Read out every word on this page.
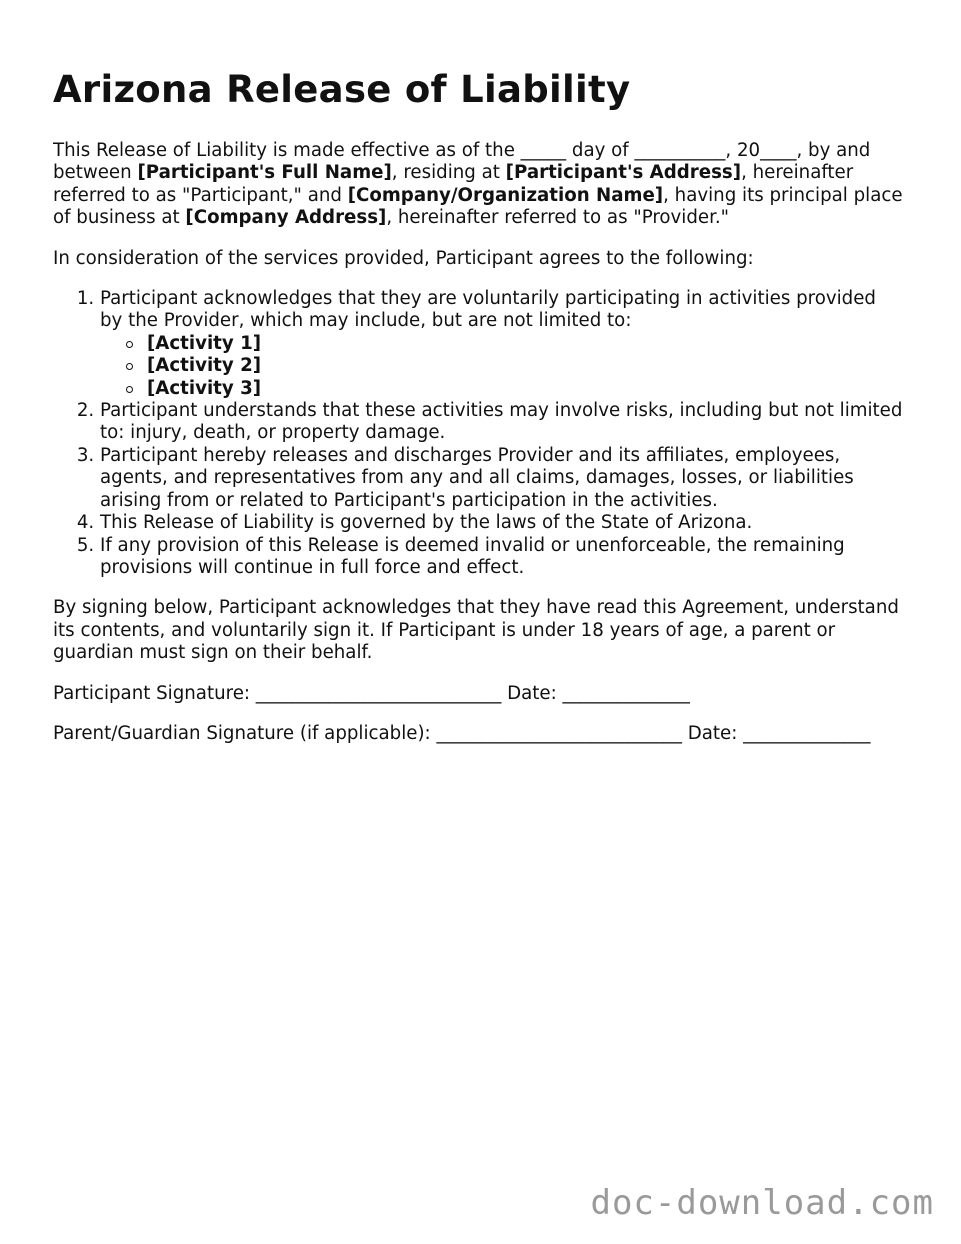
Arizona Release of Liability

This Release of Liability is made effective as of the _____ day of __________, 20____, by and between [Participant's Full Name], residing at [Participant's Address], hereinafter referred to as "Participant," and [Company/Organization Name], having its principal place of business at [Company Address], hereinafter referred to as "Provider."

In consideration of the services provided, Participant agrees to the following:

1. Participant acknowledges that they are voluntarily participating in activities provided by the Provider, which may include, but are not limited to:
[Activity 1]
[Activity 2]
[Activity 3]
2. Participant understands that these activities may involve risks, including but not limited to: injury, death, or property damage.
3. Participant hereby releases and discharges Provider and its affiliates, employees, agents, and representatives from any and all claims, damages, losses, or liabilities arising from or related to Participant's participation in the activities.
4. This Release of Liability is governed by the laws of the State of Arizona.
5. If any provision of this Release is deemed invalid or unenforceable, the remaining provisions will continue in full force and effect.

By signing below, Participant acknowledges that they have read this Agreement, understand its contents, and voluntarily sign it. If Participant is under 18 years of age, a parent or guardian must sign on their behalf.

Participant Signature: ___________________________ Date: ______________

Parent/Guardian Signature (if applicable): ___________________________ Date: ______________

doc-download.com
